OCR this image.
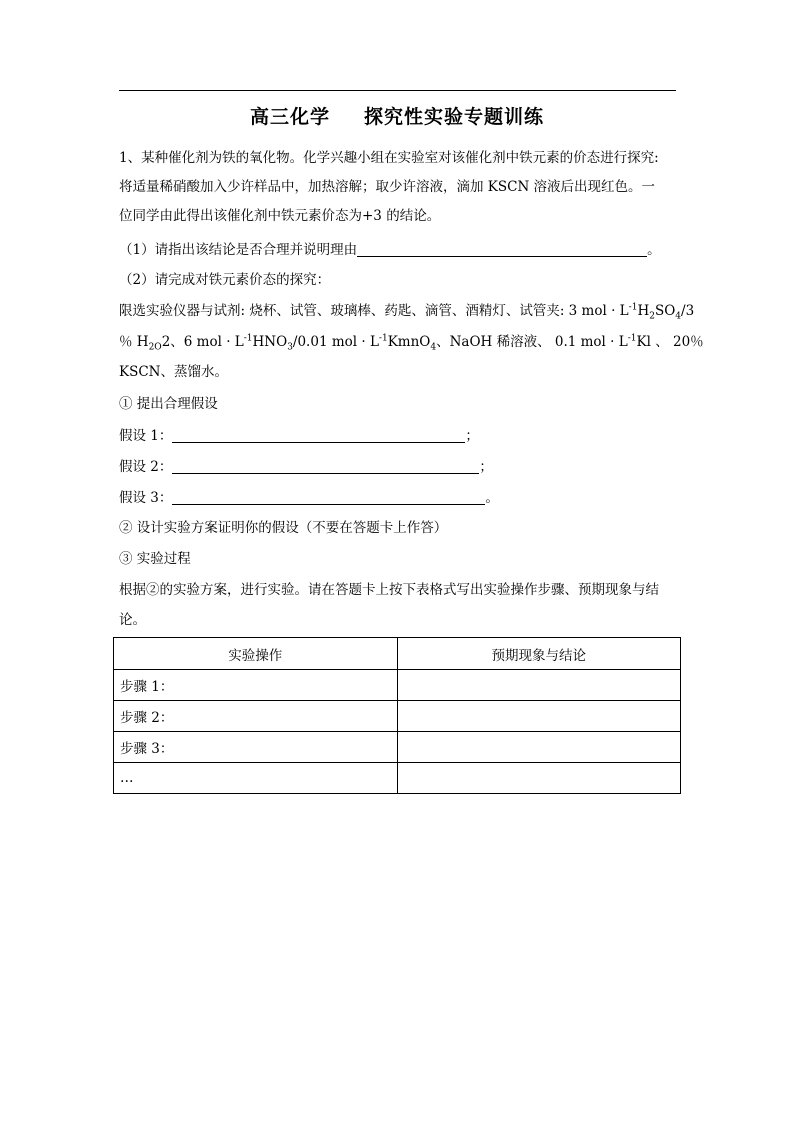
高三化学 探究性实验专题训练
1、某种催化剂为铁的氧化物。化学兴趣小组在实验室对该催化剂中铁元素的价态进行探究:
将适量稀硝酸加入少许样品中，加热溶解；取少许溶液，滴加 KSCN 溶液后出现红色。一
位同学由此得出该催化剂中铁元素价态为+3 的结论。
（1）请指出该结论是否合理并说明理由	。
（2）请完成对铁元素价态的探究：
限选实验仪器与试剂: 烧杯、试管、玻璃棒、药匙、滴管、酒精灯、试管夹: 3 mol · $L^{-1}H_2SO_4/3$
％ $H_{2O}2$、6 mol · $L^{-1}HNO_3/0.01$ mol · $L^{-1}KmnO_4$、NaOH 稀溶液、 0.1 mol · $L^{-1}Kl$ 、 20％
KSCN、蒸馏水。
① 提出合理假设
假设 1：	；
假设 2：	；
假设 3：	。
② 设计实验方案证明你的假设（不要在答题卡上作答）
③ 实验过程
根据②的实验方案，进行实验。请在答题卡上按下表格式写出实验操作步骤、预期现象与结
论。
实验操作	预期现象与结论
步骤 1：	
步骤 2：	
步骤 3：	
…	
